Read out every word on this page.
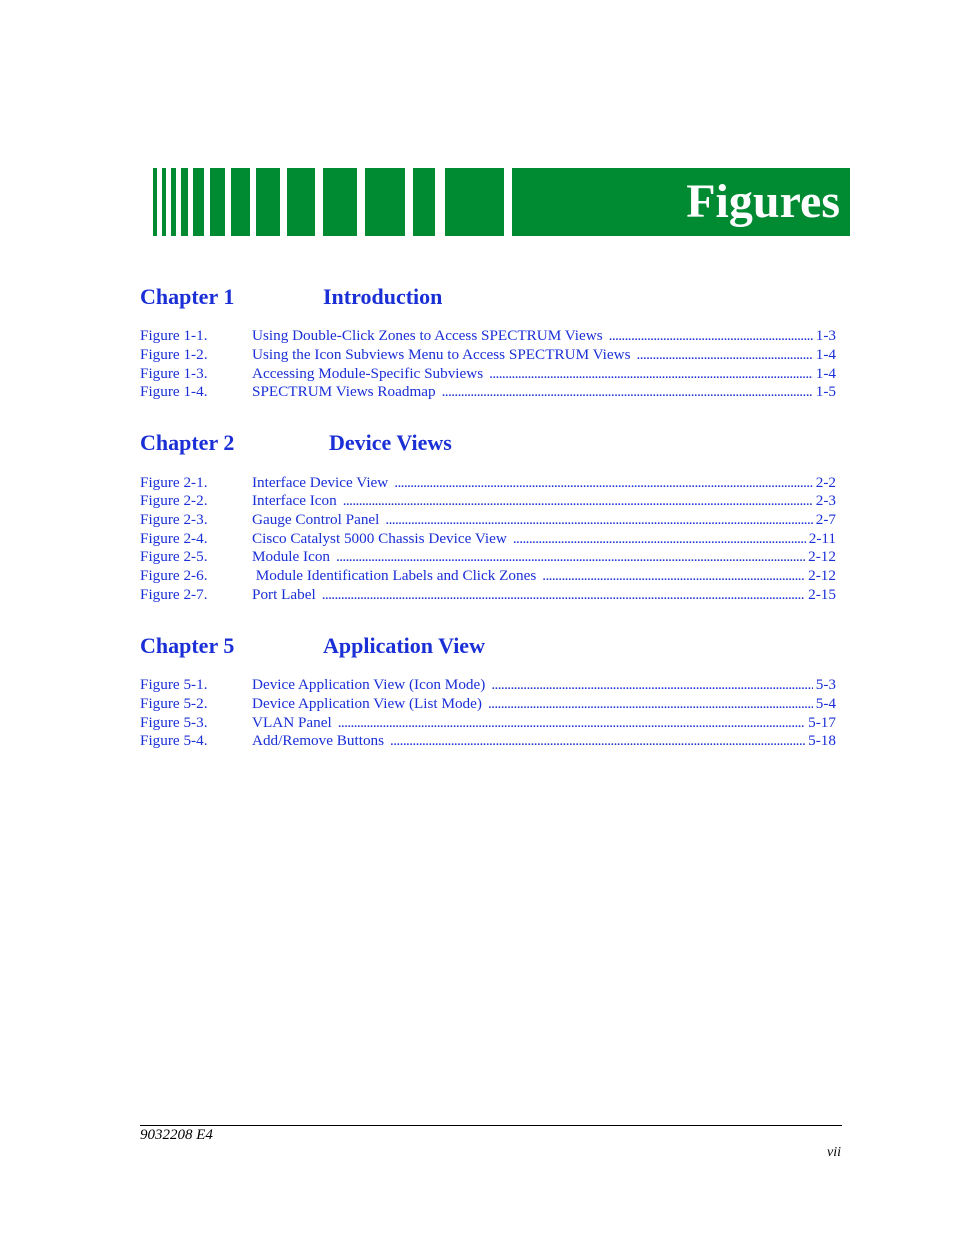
Figures
Chapter 1	Introduction
Figure 1-1.	Using Double-Click Zones to Access SPECTRUM Views . . .	1-3
Figure 1-2.	Using the Icon Subviews Menu to Access SPECTRUM Views . . .	1-4
Figure 1-3.	Accessing Module-Specific Subviews . . .	1-4
Figure 1-4.	SPECTRUM Views Roadmap . . .	1-5
Chapter 2	Device Views
Figure 2-1.	Interface Device View . . .	2-2
Figure 2-2.	Interface Icon . . .	2-3
Figure 2-3.	Gauge Control Panel . . .	2-7
Figure 2-4.	Cisco Catalyst 5000 Chassis Device View . . .	2-11
Figure 2-5.	Module Icon . . .	2-12
Figure 2-6.	Module Identification Labels and Click Zones . . .	2-12
Figure 2-7.	Port Label . . .	2-15
Chapter 5	Application View
Figure 5-1.	Device Application View (Icon Mode) . . .	5-3
Figure 5-2.	Device Application View (List Mode) . . .	5-4
Figure 5-3.	VLAN Panel . . .	5-17
Figure 5-4.	Add/Remove Buttons . . .	5-18
9032208 E4
vii
